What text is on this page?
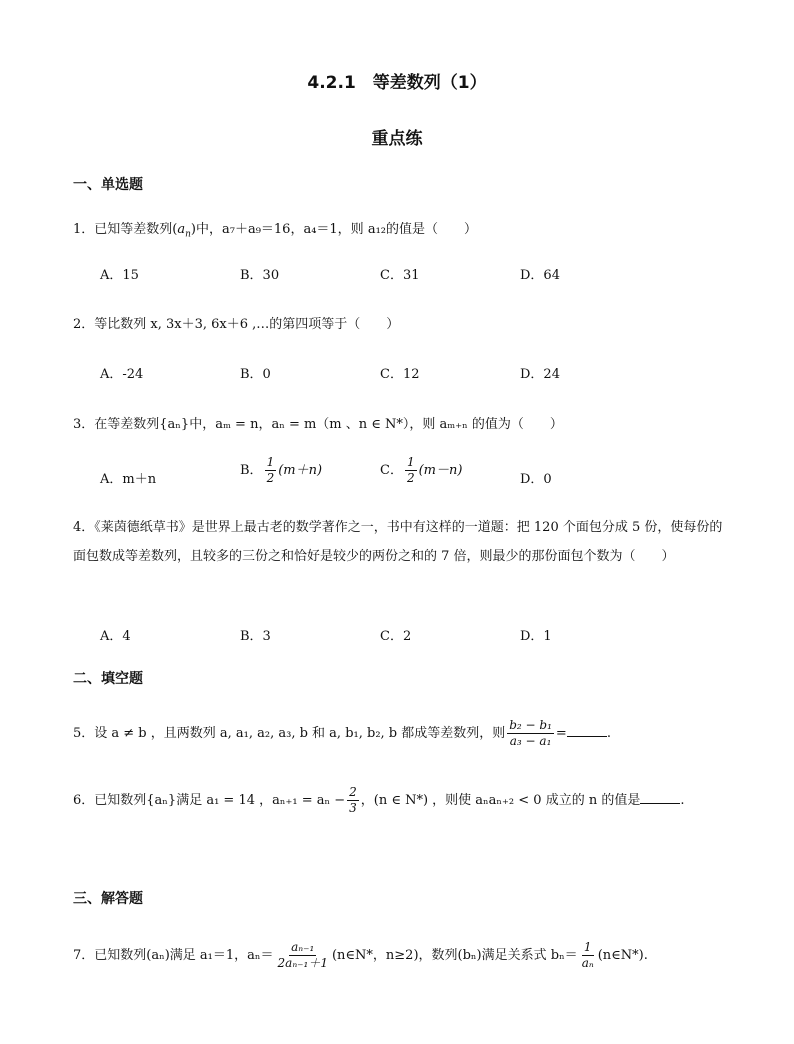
4.2.1　等差数列（1）
重点练
一、单选题
1．已知等差数列$(a_n)$中，a₇＋a₉＝16，a₄＝1，则 a₁₂的值是（　　）
A．15	B．30	C．31	D．64
2．等比数列 x, 3x＋3, 6x＋6 ,…的第四项等于（　　）
A．-24	B．0	C．12	D．24
3．在等差数列{aₙ}中，aₘ = n，aₙ = m（m 、n ∈ N*），则 aₘ₊ₙ 的值为（　　）
A．m＋n
B． $\frac{1}{2} (m+n)$	C． $\frac{1}{2} (m-n)$
D．0
4．《莱茵德纸草书》是世界上最古老的数学著作之一，书中有这样的一道题：把 120 个面包分成 5 份，使每份的面包数成等差数列，且较多的三份之和恰好是较少的两份之和的 7 倍，则最少的那份面包个数为（　　）
A．4	B．3	C．2	D．1
二、填空题
5．设 a ≠ b ，且两数列 a, a₁, a₂, a₃, b 和 a, b₁, b₂, b 都成等差数列，则 $\frac{\text{b₂ − b₁}}{\text{a₃ − a₁}}$ =	.
6．已知数列{aₙ}满足 a₁ = 14 ，$a_{n+1} = a_n - \frac{2}{3}$ ，(n ∈ N*) ，则使 aₙaₙ₊₂ < 0 成立的 n 的值是	.
三、解答题
7．已知数列(aₙ)满足 a₁＝1，$a_n= \frac{\text{aₙ₋₁}}{\text{2aₙ₋₁＋1}}$ (n∈N*，n≥2)，数列(bₙ)满足关系式 $b_n= \frac{1}{\text{aₙ}}$ (n∈N*).
